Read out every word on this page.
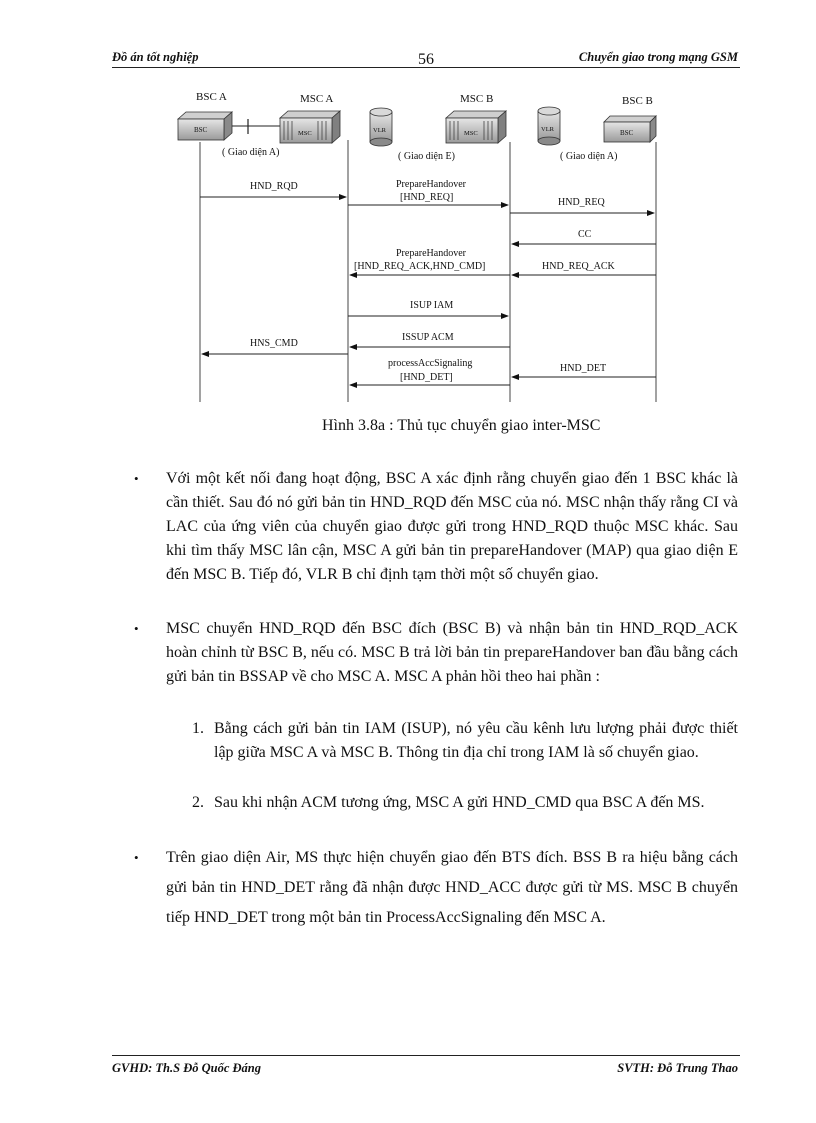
Đồ án tốt nghiệp	56	Chuyển giao trong mạng GSM
BSC A	MSC A	MSC B	BSC B
BSC	MSC	VLR	MSC
VLR	BSC
( Giao diện A)	( Giao diện E)	( Giao diện A)
HND_RQD	PrepareHandover
[HND_REQ]	HND_REQ
CC
PrepareHandover
[HND_REQ_ACK,HND_CMD]	HND_REQ_ACK
ISUP IAM
ISSUP ACM
HNS_CMD
processAccSignaling
[HND_DET]
HND_DET
Hình 3.8a : Thủ tục chuyển giao inter-MSC
• Với một kết nối đang hoạt động, BSC A xác định rằng chuyển giao đến 1 BSC khác là cần thiết. Sau đó nó gửi bản tin HND_RQD đến MSC của nó. MSC nhận thấy rằng CI và LAC của ứng viên của chuyển giao được gửi trong HND_RQD thuộc MSC khác. Sau khi tìm thấy MSC lân cận, MSC A gửi bản tin prepareHandover (MAP) qua giao diện E đến MSC B. Tiếp đó, VLR B chỉ định tạm thời một số chuyển giao.
• MSC chuyển HND_RQD đến BSC đích (BSC B) và nhận bản tin HND_RQD_ACK hoàn chỉnh từ BSC B, nếu có. MSC B trả lời bản tin prepareHandover ban đầu bằng cách gửi bản tin BSSAP về cho MSC A. MSC A phản hồi theo hai phần :
1. Bằng cách gửi bản tin IAM (ISUP), nó yêu cầu kênh lưu lượng phải được thiết lập giữa MSC A và MSC B. Thông tin địa chỉ trong IAM là số chuyển giao.
2. Sau khi nhận ACM tương ứng, MSC A gửi HND_CMD qua BSC A đến MS.
• Trên giao diện Air, MS thực hiện chuyển giao đến BTS đích. BSS B ra hiệu bằng cách gửi bản tin HND_DET rằng đã nhận được HND_ACC được gửi từ MS. MSC B chuyển tiếp HND_DET trong một bản tin ProcessAccSignaling đến MSC A.
GVHD: Th.S Đỗ Quốc Đáng	SVTH: Đỗ Trung Thao
